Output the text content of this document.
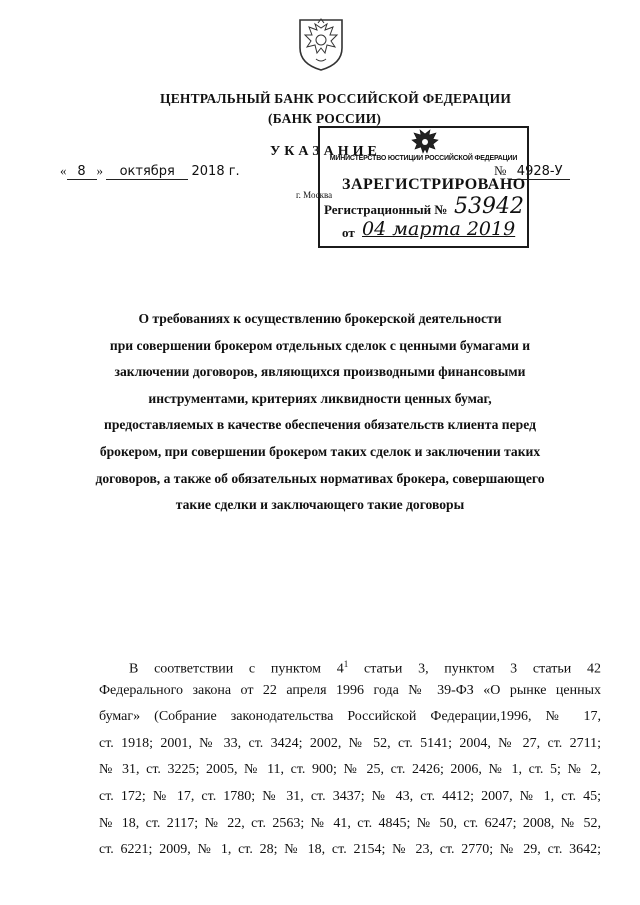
ЦЕНТРАЛЬНЫЙ БАНК РОССИЙСКОЙ ФЕДЕРАЦИИ
(БАНК РОССИИ)
УКАЗАНИЕ
« 8 » октября 2018 г.	№ 4928-У
г. Москва
МИНИСТЕРСТВО ЮСТИЦИИ РОССИЙСКОЙ ФЕДЕРАЦИИ
ЗАРЕГИСТРИРОВАНО
Регистрационный № 53942
от 04 марта 2019
О требованиях к осуществлению брокерской деятельности
при совершении брокером отдельных сделок с ценными бумагами и
заключении договоров, являющихся производными финансовыми
инструментами, критериях ликвидности ценных бумаг,
предоставляемых в качестве обеспечения обязательств клиента перед
брокером, при совершении брокером таких сделок и заключении таких
договоров, а также об обязательных нормативах брокера, совершающего
такие сделки и заключающего такие договоры
В соответствии с пунктом $4^1$ статьи 3, пунктом 3 статьи 42
Федерального закона от 22 апреля 1996 года № 39-ФЗ «О рынке ценных
бумаг» (Собрание законодательства Российской Федерации,1996, № 17,
ст. 1918; 2001, № 33, ст. 3424; 2002, № 52, ст. 5141; 2004, № 27, ст. 2711;
№ 31, ст. 3225; 2005, № 11, ст. 900; № 25, ст. 2426; 2006, № 1, ст. 5; № 2,
ст. 172; № 17, ст. 1780; № 31, ст. 3437; № 43, ст. 4412; 2007, № 1, ст. 45;
№ 18, ст. 2117; № 22, ст. 2563; № 41, ст. 4845; № 50, ст. 6247; 2008, № 52,
ст. 6221; 2009, № 1, ст. 28; № 18, ст. 2154; № 23, ст. 2770; № 29, ст. 3642;
